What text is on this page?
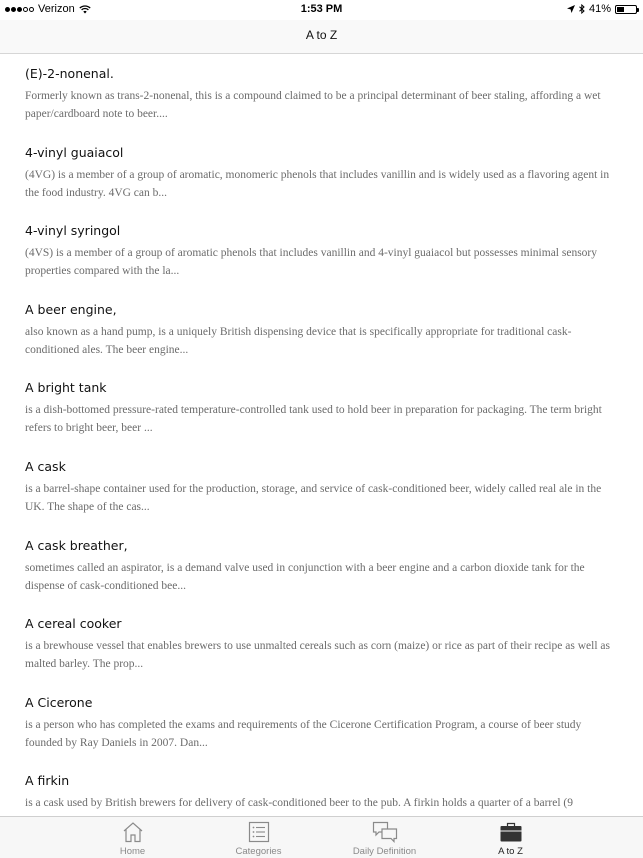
Verizon	1:53 PM	41%
A to Z
(E)-2-nonenal.

Formerly known as trans-2-nonenal, this is a compound claimed to be a principal determinant of beer staling, affording a wet paper/cardboard note to beer....

4-vinyl guaiacol

(4VG) is a member of a group of aromatic, monomeric phenols that includes vanillin and is widely used as a flavoring agent in the food industry. 4VG can b...

4-vinyl syringol

(4VS) is a member of a group of aromatic phenols that includes vanillin and 4-vinyl guaiacol but possesses minimal sensory properties compared with the la...

A beer engine,

also known as a hand pump, is a uniquely British dispensing device that is specifically appropriate for traditional cask-conditioned ales. The beer engine...

A bright tank

is a dish-bottomed pressure-rated temperature-controlled tank used to hold beer in preparation for packaging. The term bright refers to bright beer, beer ...

A cask

is a barrel-shape container used for the production, storage, and service of cask-conditioned beer, widely called real ale in the UK. The shape of the cas...

A cask breather,

sometimes called an aspirator, is a demand valve used in conjunction with a beer engine and a carbon dioxide tank for the dispense of cask-conditioned bee...

A cereal cooker

is a brewhouse vessel that enables brewers to use unmalted cereals such as corn (maize) or rice as part of their recipe as well as malted barley. The prop...

A Cicerone

is a person who has completed the exams and requirements of the Cicerone Certification Program, a course of beer study founded by Ray Daniels in 2007. Dan...

A firkin

is a cask used by British brewers for delivery of cask-conditioned beer to the pub. A firkin holds a quarter of a barrel (9

Home	Categories	Daily Definition	A to Z
